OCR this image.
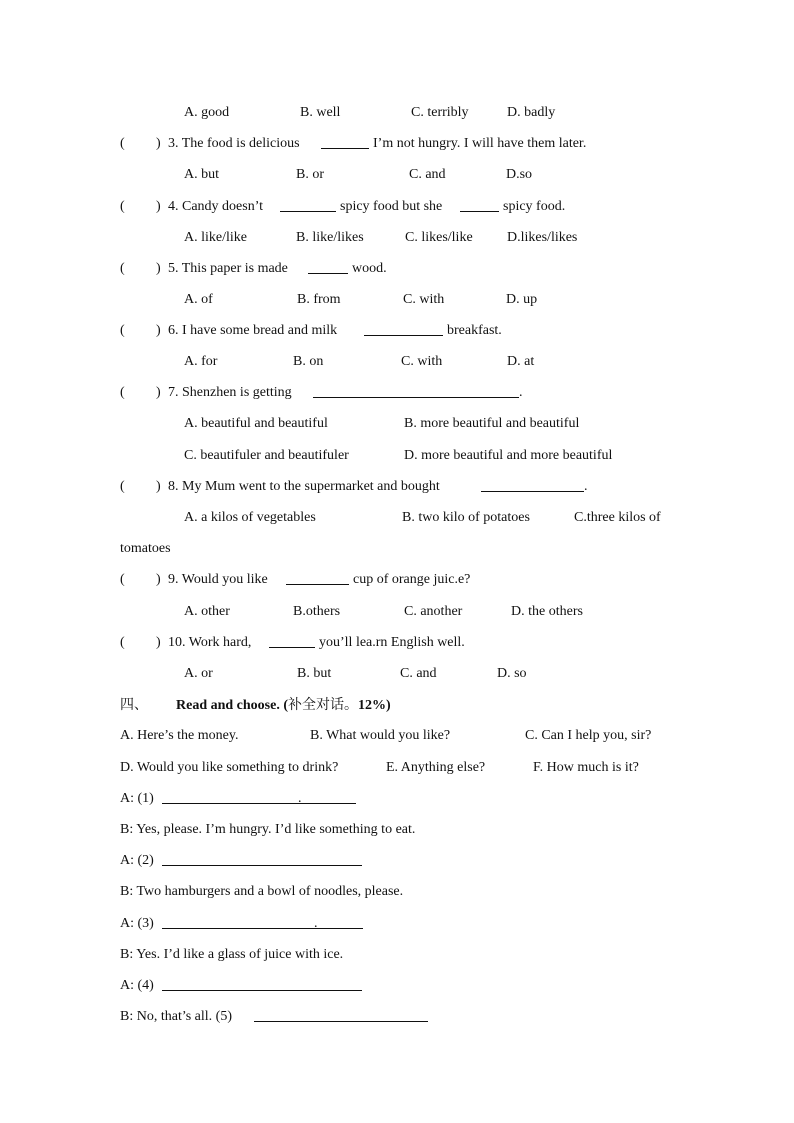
A. good	B. well	C. terribly	D. badly
( ) 3. The food is delicious	I’m not hungry. I will have them later.
A. but	B. or	C. and	D.so
( ) 4. Candy doesn’t	spicy food but she	spicy food.
A. like/like	B. like/likes	C. likes/like D.likes/likes
( ) 5. This paper is made	wood.
A. of	B. from	C. with	D. up
( ) 6. I have some bread and milk	breakfast.
A. for	B. on	C. with	D. at
( ) 7. Shenzhen is getting	.
A. beautiful and beautiful	B. more beautiful and beautiful
C. beautifuler and beautifuler	D. more beautiful and more beautiful
( ) 8. My Mum went to the supermarket and bought	.
A. a kilos of vegetables	B. two kilo of potatoes	C.three kilos of
tomatoes
( ) 9. Would you like	cup of orange juic.e?
A. other	B.others	C. another	D. the others
( ) 10. Work hard,	you’ll lea.rn English well.
A. or	B. but	C. and	D. so
四、 Read and choose. (补全对话。12%)
A. Here’s the money.	B. What would you like?	C. Can I help you, sir?
D. Would you like something to drink?	E. Anything else?	F. How much is it?
A: (1)	.
B: Yes, please. I’m hungry. I’d like something to eat.
A: (2)
B: Two hamburgers and a bowl of noodles, please.
A: (3)	.
B: Yes. I’d like a glass of juice with ice.
A: (4)
B: No, that’s all. (5)
